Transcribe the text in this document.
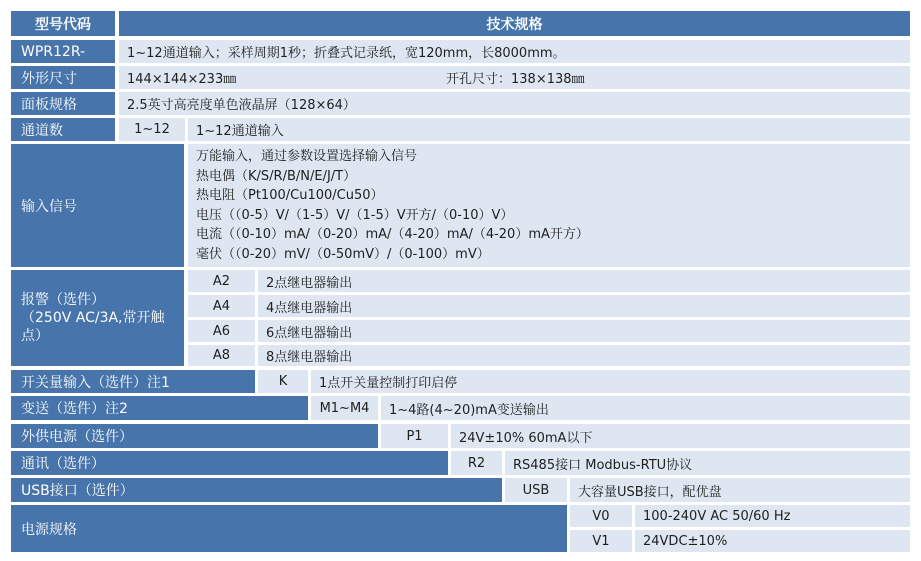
型号代码	技术规格
WPR12R-	1~12通道输入；采样周期1秒；折叠式记录纸，宽120mm，长8000mm。
外形尺寸	144×144×233㎜	开孔尺寸：138×138㎜
面板规格	2.5英寸高亮度单色液晶屏（128×64）
通道数	1~12	1~12通道输入
输入信号
万能输入，通过参数设置选择输入信号
热电偶（K/S/R/B/N/E/J/T）
热电阻（Pt100/Cu100/Cu50）
电压（（0-5）V/（1-5）V/（1-5）V开方/（0-10）V）
电流（（0-10）mA/（0-20）mA/（4-20）mA/（4-20）mA开方）
毫伏（（0-20）mV/（0-50mV）/（0-100）mV）
报警（选件）
（250V AC/3A,常开触
点）
A2	2点继电器输出
A4	4点继电器输出
A6	6点继电器输出
A8	8点继电器输出
开关量输入（选件）注1	K	1点开关量控制打印启停
变送（选件）注2	M1~M4	1~4路(4~20)mA变送输出
外供电源（选件）	P1	24V±10% 60mA以下
通讯（选件）	R2	RS485接口 Modbus-RTU协议
USB接口（选件）	USB	大容量USB接口，配优盘
电源规格
V0	100-240V AC 50/60 Hz
V1	24VDC±10%
